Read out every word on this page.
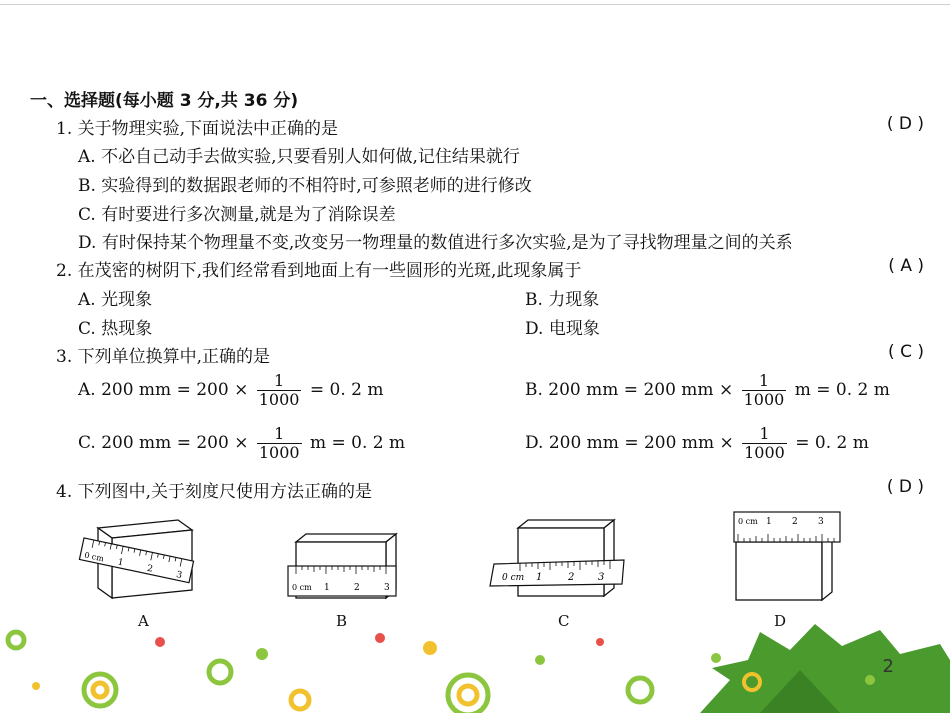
一、选择题(每小题 3 分,共 36 分)
1. 关于物理实验,下面说法中正确的是	( D )
A. 不必自己动手去做实验,只要看别人如何做,记住结果就行
B. 实验得到的数据跟老师的不相符时,可参照老师的进行修改
C. 有时要进行多次测量,就是为了消除误差
D. 有时保持某个物理量不变,改变另一物理量的数值进行多次实验,是为了寻找物理量之间的关系
2. 在茂密的树阴下,我们经常看到地面上有一些圆形的光斑,此现象属于	( A )
A. 光现象	B. 力现象
C. 热现象	D. 电现象
3. 下列单位换算中,正确的是	( C )
A. 200 mm = $200 \times \frac{1}{1000} = 0$. 2 m	B. 200 mm = 200 mm × $\frac{1}{1000}$ m = 0. 2 m
C. 200 mm = $200 \times \frac{1}{1000}$ m = 0. 2 m	D. 200 mm = 200 mm × $\frac{1}{1000} = 0$. 2 m
4. 下列图中,关于刻度尺使用方法正确的是	( D )
0 cm 1
2
3
A
0 cm 1	2	3
B
0 cm 1	2 3
C
0 cm 1 2 3
D
2
